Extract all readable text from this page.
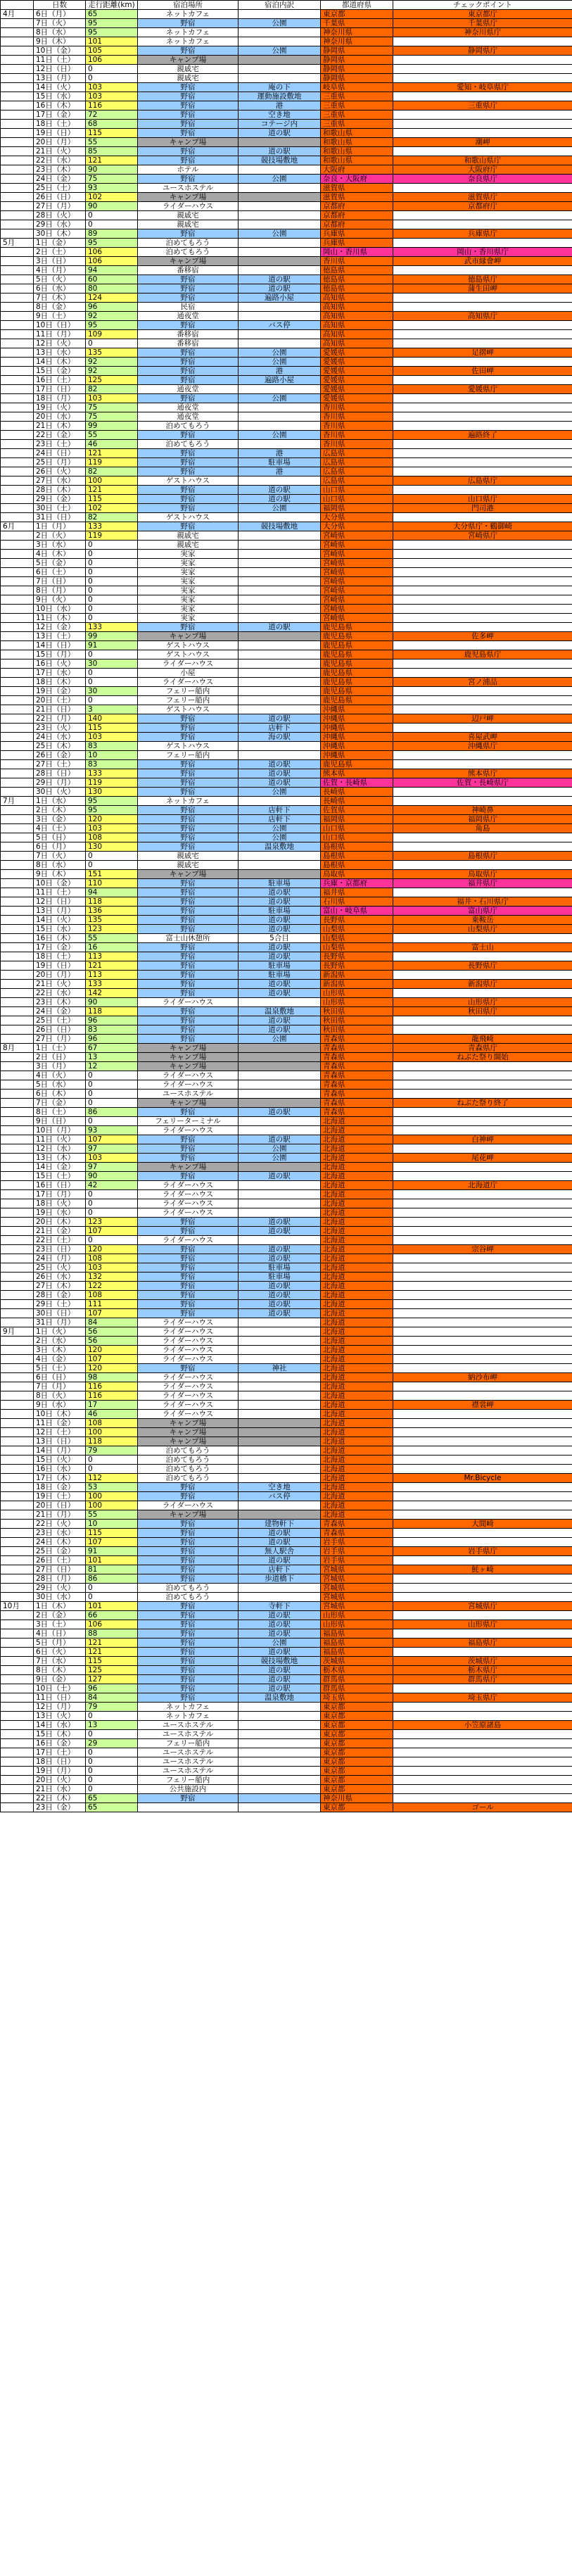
	日数	走行距離(km)	宿泊場所	宿泊内訳	都道府県	チェックポイント
4月	6日（月）	65	ネットカフェ		東京都	東京都庁
	7日（火）	95	野宿	公園	千葉県	千葉県庁
	8日（水）	95	ネットカフェ		神奈川県	神奈川県庁
	9日（木）	101	ネットカフェ		神奈川県	
	10日（金）	105	野宿	公園	静岡県	静岡県庁
	11日（土）	106	キャンプ場		静岡県	
	12日（日）	0	親戚宅		静岡県	
	13日（月）	0	親戚宅		静岡県	
	14日（火）	103	野宿	庵の下	岐阜県	愛知・岐阜県庁
	15日（水）	103	野宿	運動施設敷地	三重県	
	16日（木）	116	野宿	港	三重県	三重県庁
	17日（金）	72	野宿	空き地	三重県	
	18日（土）	68	野宿	コテージ内	三重県	
	19日（日）	115	野宿	道の駅	和歌山県	
	20日（月）	55	キャンプ場		和歌山県	潮岬
	21日（火）	85	野宿	道の駅	和歌山県	
	22日（水）	121	野宿	競技場敷地	和歌山県	和歌山県庁
	23日（木）	90	ホテル		大阪府	大阪府庁
	24日（金）	75	野宿	公園	奈良・大阪府	奈良県庁
	25日（土）	93	ユースホステル		滋賀県	
	26日（日）	102	キャンプ場		滋賀県	滋賀県庁
	27日（月）	90	ライダーハウス		京都府	京都府庁
	28日（火）	0	親戚宅		京都府	
	29日（水）	0	親戚宅		京都府	
	30日（木）	89	野宿	公園	兵庫県	兵庫県庁
5月	1日（金）	95	泊めてもろう		兵庫県	
	2日（土）	106	泊めてもろう		岡山・香川県	岡山・香川県庁
	3日（日）	106	キャンプ場		香川県	武市縁會岬
	4日（月）	94	番移宿		徳島県	
	5日（火）	60	野宿	道の駅	徳島県	徳島県庁
	6日（水）	80	野宿	道の駅	徳島県	蒲生田岬
	7日（木）	124	野宿	遍路小屋	高知県	
	8日（金）	96	民宿		高知県	
	9日（土）	92	通夜堂		高知県	高知県庁
	10日（日）	95	野宿	バス停	高知県	
	11日（月）	109	番移宿		高知県	
	12日（火）	0	番移宿		高知県	
	13日（水）	135	野宿	公園	愛媛県	足摺岬
	14日（木）	92	野宿	公園	愛媛県	
	15日（金）	92	野宿	港	愛媛県	佐田岬
	16日（土）	125	野宿	遍路小屋	愛媛県	
	17日（日）	82	通夜堂		愛媛県	愛媛県庁
	18日（月）	103	野宿	公園	愛媛県	
	19日（火）	75	通夜堂		香川県	
	20日（水）	75	通夜堂		香川県	
	21日（木）	99	泊めてもろう		香川県	
	22日（金）	55	野宿	公園	香川県	遍路終了
	23日（土）	46	泊めてもろう		香川県	
	24日（日）	121	野宿	港	広島県	
	25日（月）	119	野宿	駐車場	広島県	
	26日（火）	82	野宿	港	広島県	
	27日（水）	100	ゲストハウス		広島県	広島県庁
	28日（木）	121	野宿	道の駅	山口県	
	29日（金）	115	野宿	道の駅	山口県	山口県庁
	30日（土）	102	野宿	公園	福岡県	門司港
	31日（日）	82	ゲストハウス		大分県	
6月	1日（月）	133	野宿	競技場敷地	大分県	大分県庁・鶴御崎
	2日（火）	119	親戚宅		宮崎県	宮崎県庁
	3日（水）	0	親戚宅		宮崎県	
	4日（木）	0	実家		宮崎県	
	5日（金）	0	実家		宮崎県	
	6日（土）	0	実家		宮崎県	
	7日（日）	0	実家		宮崎県	
	8日（月）	0	実家		宮崎県	
	9日（火）	0	実家		宮崎県	
	10日（水）	0	実家		宮崎県	
	11日（木）	0	実家		宮崎県	
	12日（金）	133	野宿	道の駅	鹿児島県	
	13日（土）	99	キャンプ場		鹿児島県	佐多岬
	14日（日）	91	ゲストハウス		鹿児島県	
	15日（月）	0	ゲストハウス		鹿児島県	鹿児島県庁
	16日（火）	30	ライダーハウス		鹿児島県	
	17日（水）	0	小屋		鹿児島県	
	18日（木）	0	ライダーハウス		鹿児島県	宮ノ浦品
	19日（金）	30	フェリー船内		鹿児島県	
	20日（土）	0	フェリー船内		鹿児島県	
	21日（日）	3	ゲストハウス		沖縄県	
	22日（月）	140	野宿	道の駅	沖縄県	辺戸岬
	23日（火）	115	野宿	店軒下	沖縄県	
	24日（水）	103	野宿	海の駅	沖縄県	喜屋武岬
	25日（木）	83	ゲストハウス		沖縄県	沖縄県庁
	26日（金）	10	フェリー船内		沖縄県	
	27日（土）	83	野宿	道の駅	鹿児島県	
	28日（日）	133	野宿	道の駅	熊本県	熊本県庁
	29日（月）	119	野宿	道の駅	佐賀・長崎県	佐賀・長崎県庁
	30日（火）	130	野宿	公園	長崎県	
7月	1日（水）	95	ネットカフェ		長崎県	
	2日（木）	95	野宿	店軒下	佐賀県	神崎鼻
	3日（金）	120	野宿	店軒下	福岡県	福岡県庁
	4日（土）	103	野宿	公園	山口県	角島
	5日（日）	108	野宿	公園	山口県	
	6日（月）	130	野宿	温泉敷地	島根県	
	7日（火）	0	親戚宅		島根県	島根県庁
	8日（水）	0	親戚宅		島根県	
	9日（木）	151	キャンプ場		鳥取県	鳥取県庁
	10日（金）	110	野宿	駐車場	兵庫・京都府	福井県庁
	11日（土）	94	野宿	道の駅	福井県	
	12日（日）	118	野宿	道の駅	石川県	福井・石川県庁
	13日（月）	136	野宿	駐車場	富山・岐阜県	富山県庁
	14日（火）	135	野宿	道の駅	長野県	乗鞍岳
	15日（水）	123	野宿	道の駅	山梨県	山梨県庁
	16日（木）	55	富士山休憩所	5合目	山梨県	
	17日（金）	16	野宿	道の駅	山梨県	富士山
	18日（土）	113	野宿	道の駅	長野県	
	19日（日）	121	野宿	駐車場	長野県	長野県庁
	20日（月）	113	野宿	駐車場	新潟県	
	21日（火）	133	野宿	道の駅	新潟県	新潟県庁
	22日（水）	142	野宿	道の駅	山形県	
	23日（木）	90	ライダーハウス		山形県	山形県庁
	24日（金）	118	野宿	温泉敷地	秋田県	秋田県庁
	25日（土）	96	野宿	道の駅	秋田県	
	26日（日）	83	野宿	道の駅	秋田県	
	27日（月）	96	野宿	公園	青森県	龍飛崎
8月	1日（土）	67	キャンプ場		青森県	青森県庁
	2日（日）	13	キャンプ場		青森県	ねぶた祭り開始
	3日（月）	12	キャンプ場		青森県	
	4日（火）	0	ライダーハウス		青森県	
	5日（水）	0	ライダーハウス		青森県	
	6日（木）	0	ユースホステル		青森県	
	7日（金）	0	キャンプ場		青森県	ねぶた祭り終了
	8日（土）	86	野宿	道の駅	青森県	
	9日（日）	0	フェリーターミナル		北海道	
	10日（月）	93	ライダーハウス		北海道	
	11日（火）	107	野宿	道の駅	北海道	白神岬
	12日（水）	97	野宿	公園	北海道	
	13日（木）	103	野宿	公園	北海道	尾花岬
	14日（金）	97	キャンプ場		北海道	
	15日（土）	90	野宿	道の駅	北海道	
	16日（日）	42	ライダーハウス		北海道	北海道庁
	17日（月）	0	ライダーハウス		北海道	
	18日（火）	0	ライダーハウス		北海道	
	19日（水）	0	ライダーハウス		北海道	
	20日（木）	123	野宿	道の駅	北海道	
	21日（金）	107	野宿	道の駅	北海道	
	22日（土）	0	ライダーハウス		北海道	
	23日（日）	120	野宿	道の駅	北海道	宗谷岬
	24日（月）	108	野宿	道の駅	北海道	
	25日（火）	103	野宿	駐車場	北海道	
	26日（水）	132	野宿	駐車場	北海道	
	27日（木）	122	野宿	道の駅	北海道	
	28日（金）	108	野宿	道の駅	北海道	
	29日（土）	111	野宿	道の駅	北海道	
	30日（日）	107	野宿	道の駅	北海道	
	31日（月）	84	ライダーハウス		北海道	
9月	1日（火）	56	ライダーハウス		北海道	
	2日（水）	56	ライダーハウス		北海道	
	3日（木）	120	ライダーハウス		北海道	
	4日（金）	107	ライダーハウス		北海道	
	5日（土）	120	野宿	神社	北海道	
	6日（日）	98	ライダーハウス		北海道	納沙布岬
	7日（月）	116	ライダーハウス		北海道	
	8日（火）	116	ライダーハウス		北海道	
	9日（水）	17	ライダーハウス		北海道	襟裳岬
	10日（木）	46	ライダーハウス		北海道	
	11日（金）	108	キャンプ場		北海道	
	12日（土）	100	キャンプ場		北海道	
	13日（日）	118	キャンプ場		北海道	
	14日（月）	79	泊めてもろう		北海道	
	15日（火）	0	泊めてもろう		北海道	
	16日（水）	0	泊めてもろう		北海道	
	17日（木）	112	泊めてもろう		北海道	Mr.Bicycle
	18日（金）	53	野宿	空き地	北海道	
	19日（土）	100	野宿	バス停	北海道	
	20日（日）	100	ライダーハウス		北海道	
	21日（月）	55	キャンプ場		北海道	
	22日（火）	10	野宿	建物軒下	青森県	大間崎
	23日（水）	115	野宿	道の駅	青森県	
	24日（木）	107	野宿	道の駅	岩手県	
	25日（金）	91	野宿	無人駅舎	岩手県	岩手県庁
	26日（土）	101	野宿	道の駅	岩手県	
	27日（日）	81	野宿	店軒下	宮城県	魹ヶ崎
	28日（月）	86	野宿	歩道橋下	宮城県	
	29日（火）	0	泊めてもろう		宮城県	
	30日（水）	0	泊めてもろう		宮城県	
10月	1日（木）	101	野宿	寺軒下	宮城県	宮城県庁
	2日（金）	66	野宿	道の駅	山形県	
	3日（土）	106	野宿	道の駅	山形県	山形県庁
	4日（日）	88	野宿	道の駅	福島県	
	5日（月）	121	野宿	公園	福島県	福島県庁
	6日（火）	121	野宿	道の駅	福島県	
	7日（水）	115	野宿	競技場敷地	茨城県	茨城県庁
	8日（木）	125	野宿	道の駅	栃木県	栃木県庁
	9日（金）	127	野宿	道の駅	群馬県	群馬県庁
	10日（土）	96	野宿	道の駅	群馬県	
	11日（日）	84	野宿	温泉敷地	埼玉県	埼玉県庁
	12日（月）	79	ネットカフェ		東京都	
	13日（火）	0	ネットカフェ		東京都	
	14日（水）	13	ユースホステル		東京都	小笠原諸島
	15日（木）	0	ユースホステル		東京都	
	16日（金）	29	フェリー船内		東京都	
	17日（土）	0	ユースホステル		東京都	
	18日（日）	0	ユースホステル		東京都	
	19日（月）	0	ユースホステル		東京都	
	20日（火）	0	フェリー船内		東京都	
	21日（水）	0	公共施設内		東京都	
	22日（木）	65	野宿		神奈川県	
	23日（金）	65			東京都	ゴール
